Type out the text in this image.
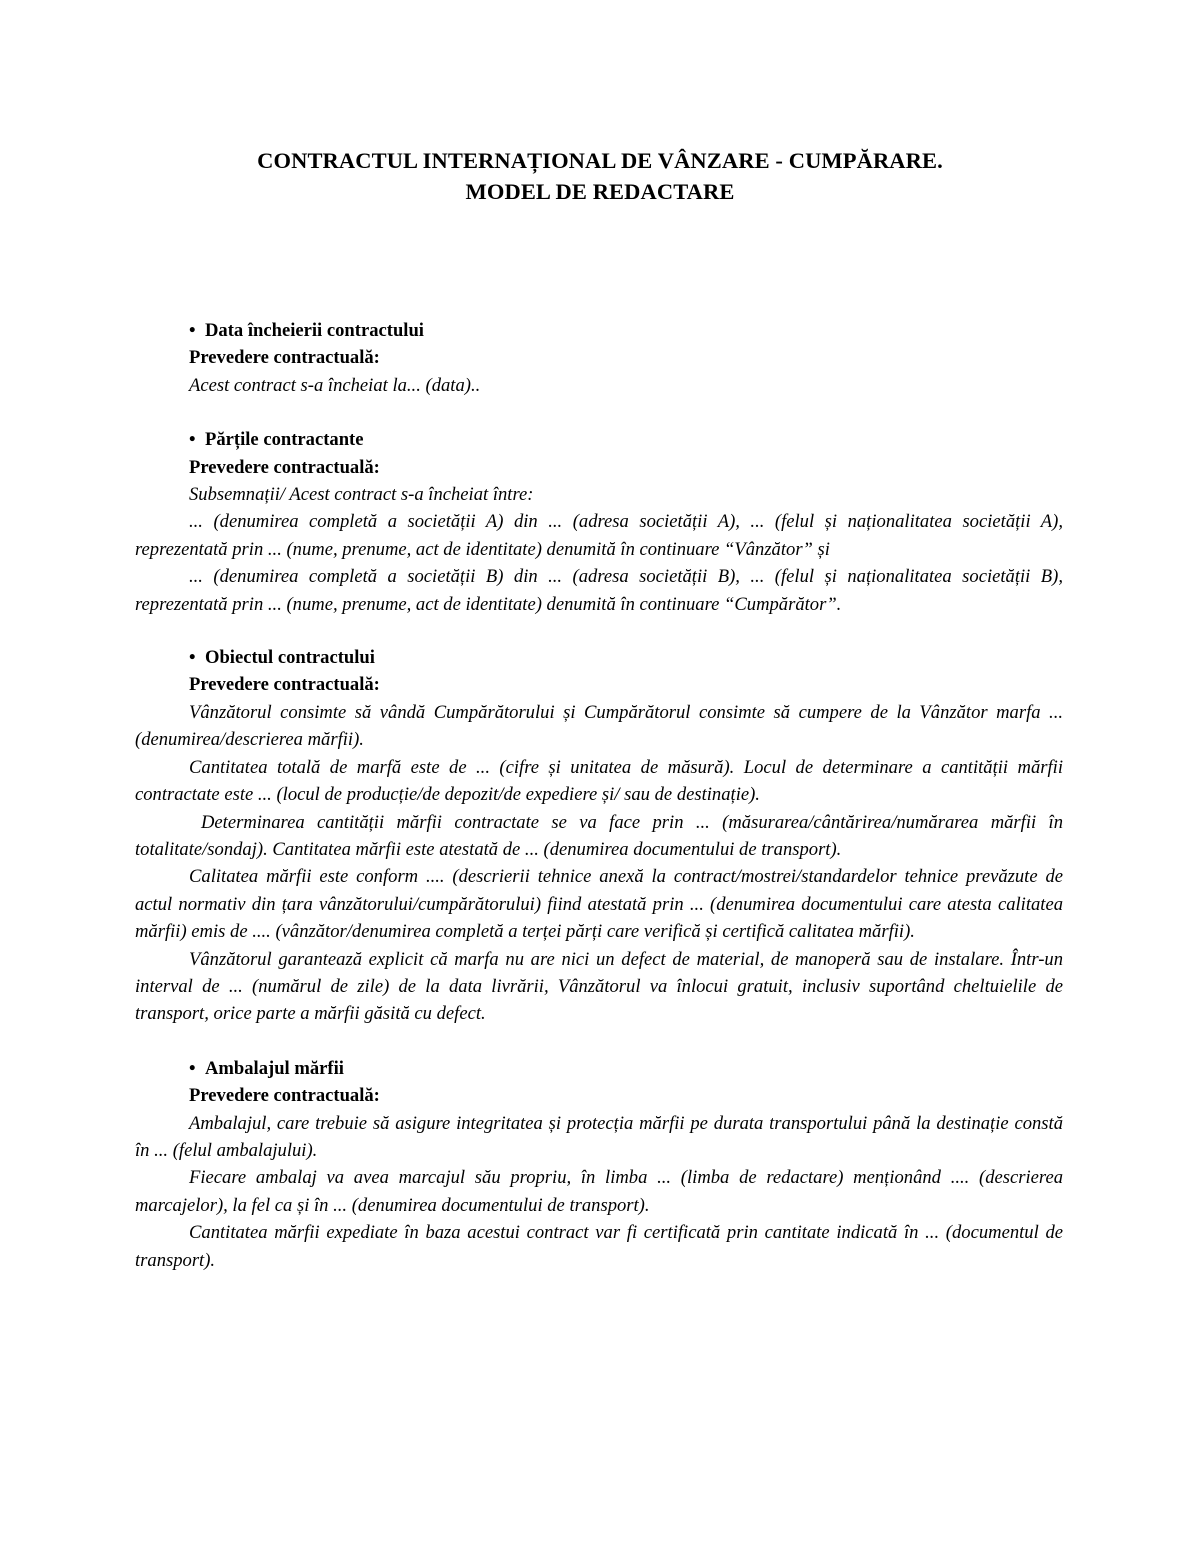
CONTRACTUL INTERNAȚIONAL DE VÂNZARE - CUMPĂRARE.
MODEL DE REDACTARE
• Data încheierii contractului
Prevedere contractuală:

Acest contract s-a încheiat la... (data)..

• Părțile contractante
Prevedere contractuală:

Subsemnații/ Acest contract s-a încheiat între:

... (denumirea completă a societății A) din ... (adresa societății A), ... (felul și naționalitatea societății A), reprezentată prin ... (nume, prenume, act de identitate) denumită în continuare “Vânzător” și

... (denumirea completă a societății B) din ... (adresa societății B), ... (felul și naționalitatea societății B), reprezentată prin ... (nume, prenume, act de identitate) denumită în continuare “Cumpărător”.

• Obiectul contractului
Prevedere contractuală:

Vânzătorul consimte să vândă Cumpărătorului și Cumpărătorul consimte să cumpere de la Vânzător marfa ... (denumirea/descrierea mărfii).

Cantitatea totală de marfă este de ... (cifre și unitatea de măsură). Locul de determinare a cantității mărfii contractate este ... (locul de producție/de depozit/de expediere și/ sau de destinație).

Determinarea cantității mărfii contractate se va face prin ... (măsurarea/cântărirea/numărarea mărfii în totalitate/sondaj). Cantitatea mărfii este atestată de ... (denumirea documentului de transport).

Calitatea mărfii este conform .... (descrierii tehnice anexă la contract/mostrei/standardelor tehnice prevăzute de actul normativ din țara vânzătorului/cumpărătorului) fiind atestată prin ... (denumirea documentului care atesta calitatea mărfii) emis de .... (vânzător/denumirea completă a terței părți care verifică și certifică calitatea mărfii).

Vânzătorul garantează explicit că marfa nu are nici un defect de material, de manoperă sau de instalare. Într-un interval de ... (numărul de zile) de la data livrării, Vânzătorul va înlocui gratuit, inclusiv suportând cheltuielile de transport, orice parte a mărfii găsită cu defect.

• Ambalajul mărfii
Prevedere contractuală:

Ambalajul, care trebuie să asigure integritatea și protecția mărfii pe durata transportului până la destinație constă în ... (felul ambalajului).

Fiecare ambalaj va avea marcajul său propriu, în limba ... (limba de redactare) menționând .... (descrierea marcajelor), la fel ca și în ... (denumirea documentului de transport).

Cantitatea mărfii expediate în baza acestui contract var fi certificată prin cantitate indicată în ... (documentul de transport).
